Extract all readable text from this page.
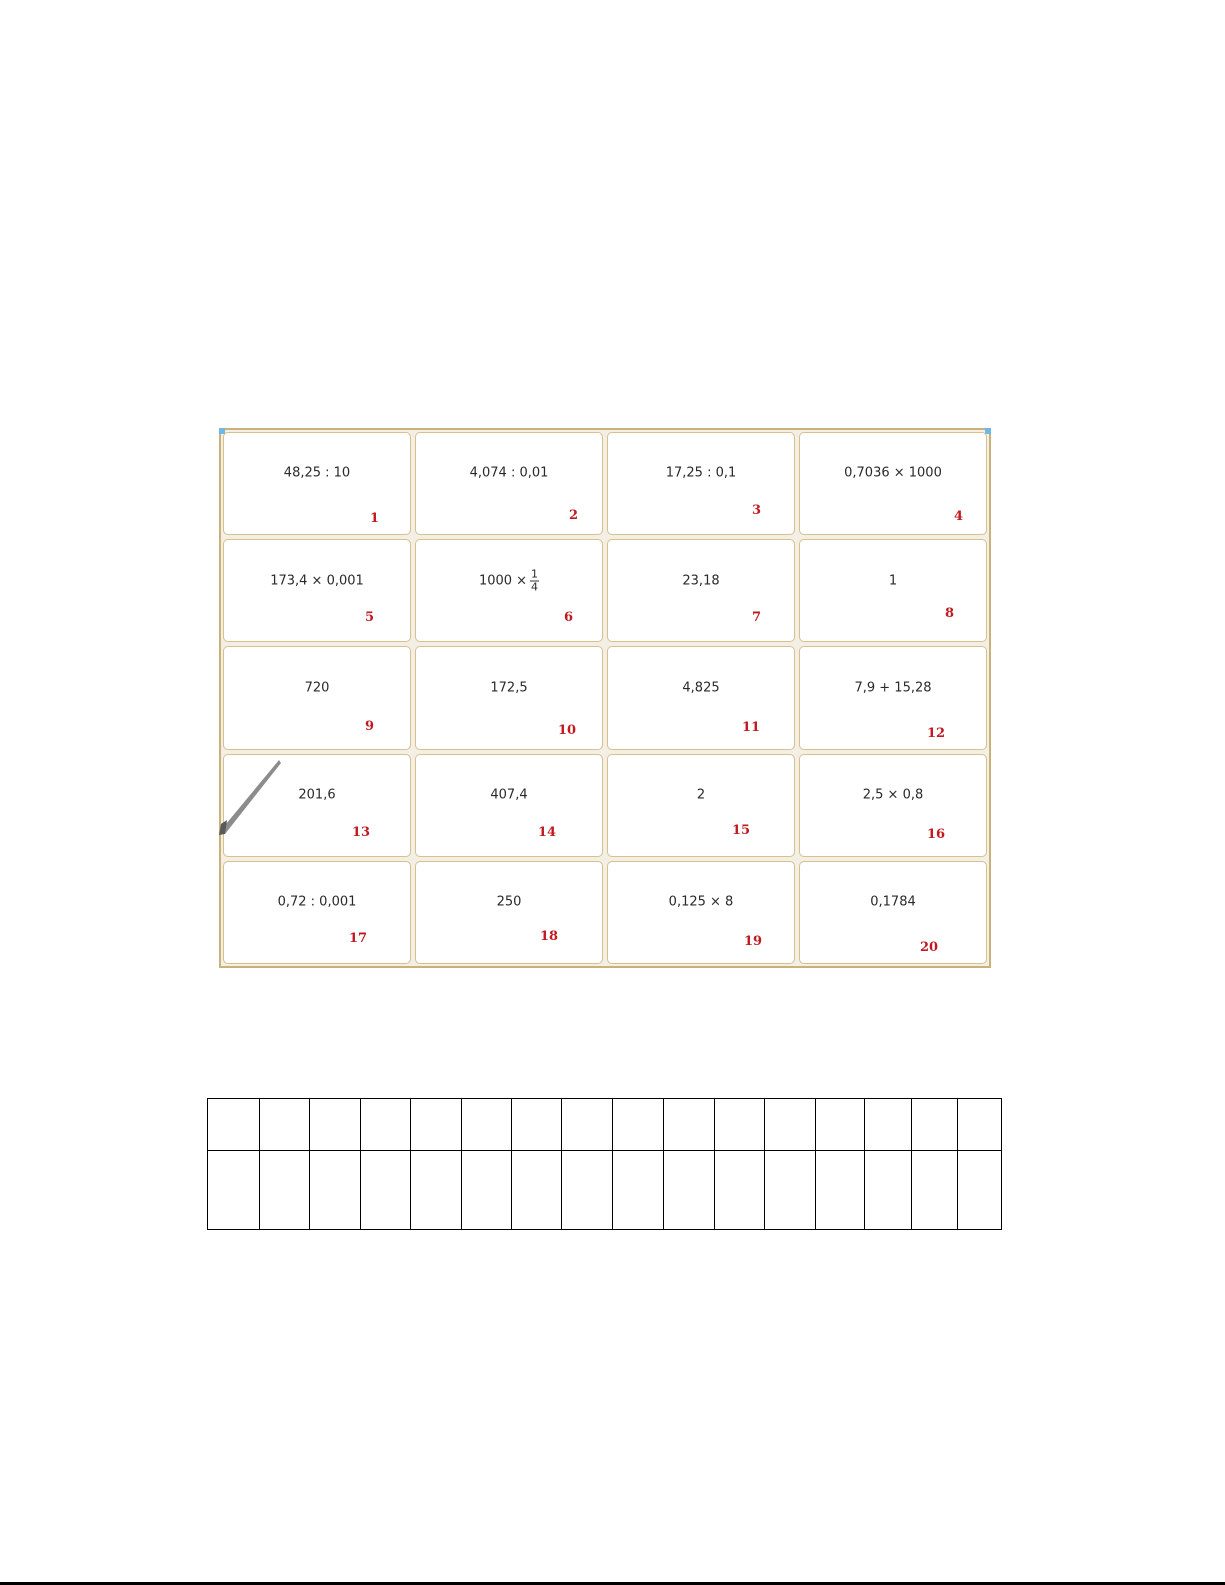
48,25 : 10
1
4,074 : 0,01
2
17,25 : 0,1
3
0,7036 × 1000
4
173,4 × 0,001
5
$1000 \times \frac{1}{4}$
6
23,18
7
1
8
720
9
172,5
10
4,825
11
7,9 + 15,28
12
201,6
13
407,4
14
2
15
2,5 × 0,8
16
0,72 : 0,001
17
250
18
0,125 × 8
19
0,1784
20
